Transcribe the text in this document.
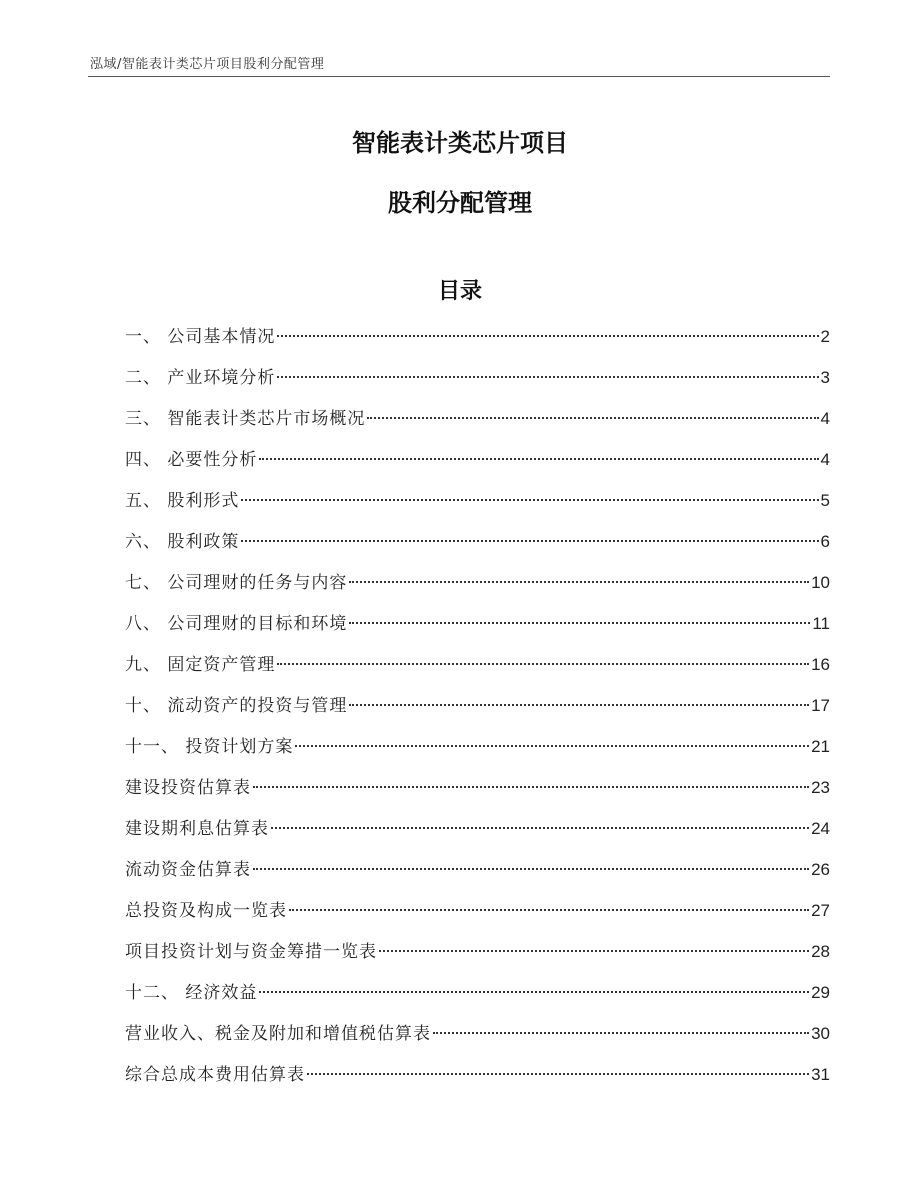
泓域/智能表计类芯片项目股利分配管理
智能表计类芯片项目
股利分配管理
目录
一、 公司基本情况	2
二、 产业环境分析	3
三、 智能表计类芯片市场概况	4
四、 必要性分析	4
五、 股利形式	5
六、 股利政策	6
七、 公司理财的任务与内容	10
八、 公司理财的目标和环境	11
九、 固定资产管理	16
十、 流动资产的投资与管理	17
十一、 投资计划方案	21
建设投资估算表	23
建设期利息估算表	24
流动资金估算表	26
总投资及构成一览表	27
项目投资计划与资金筹措一览表	28
十二、 经济效益	29
营业收入、税金及附加和增值税估算表	30
综合总成本费用估算表	31
